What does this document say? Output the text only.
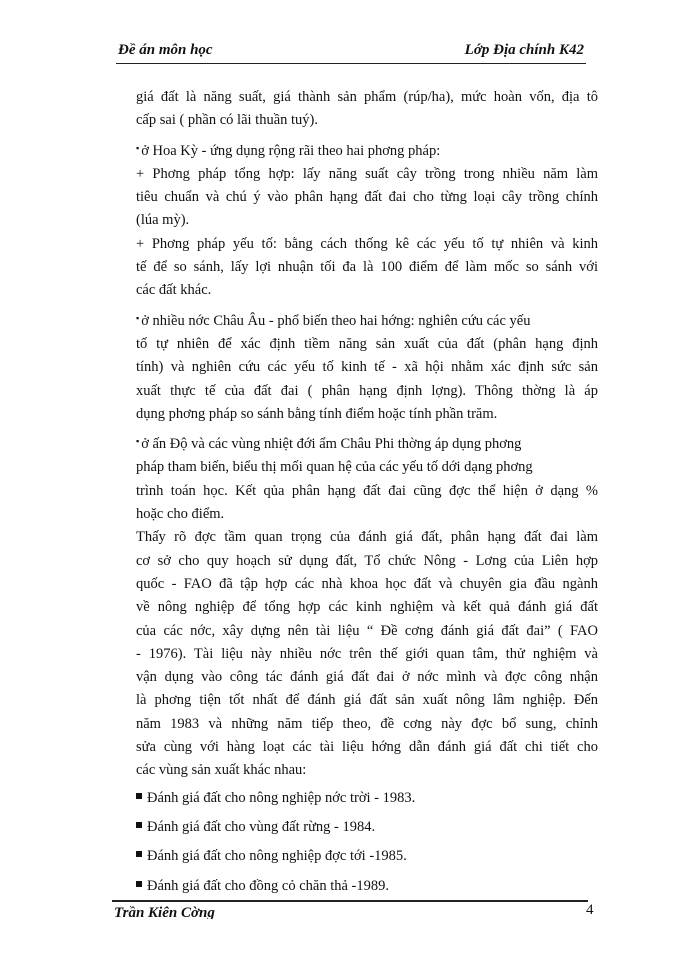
Đề án môn học	Lớp Địa chính K42

giá đất là năng suất, giá thành sản phẩm (rúp/ha), mức hoàn vốn, địa tô
cấp sai ( phần có lãi thuần tuý).

▪ ở Hoa Kỳ - ứng dụng rộng rãi theo hai phơng pháp:
+ Phơng pháp tổng hợp: lấy năng suất cây trồng trong nhiều năm làm
tiêu chuẩn và chú ý vào phân hạng đất đai cho từng loại cây trồng chính
(lúa mỳ).
+ Phơng pháp yếu tố: bằng cách thống kê các yếu tố tự nhiên và kinh
tế để so sánh, lấy lợi nhuận tối đa là 100 điểm để làm mốc so sánh với
các đất khác.

▪ ở nhiều nớc Châu Âu - phổ biến theo hai hớng: nghiên cứu các yếu
tố tự nhiên để xác định tiềm năng sản xuất của đất (phân hạng định
tính) và nghiên cứu các yếu tố kinh tế - xã hội nhằm xác định sức sản
xuất thực tế của đất đai ( phân hạng định lợng). Thông thờng là áp
dụng phơng pháp so sánh bằng tính điểm hoặc tính phần trăm.

▪ ở ấn Độ và các vùng nhiệt đới ẩm Châu Phi thờng áp dụng phơng
pháp tham biến, biểu thị mối quan hệ của các yếu tố dới dạng phơng
trình toán học. Kết qủa phân hạng đất đai cũng đợc thể hiện ở dạng %
hoặc cho điểm.

Thấy rõ đợc tầm quan trọng của đánh giá đất, phân hạng đất đai làm
cơ sở cho quy hoạch sử dụng đất, Tổ chức Nông - Lơng của Liên hợp
quốc - FAO đã tập hợp các nhà khoa học đất và chuyên gia đầu ngành
về nông nghiệp để tổng hợp các kinh nghiệm và kết quả đánh giá đất
của các nớc, xây dựng nên tài liệu “ Đề cơng đánh giá đất đai” ( FAO
- 1976). Tài liệu này nhiều nớc trên thế giới quan tâm, thử nghiệm và
vận dụng vào công tác đánh giá đất đai ở nớc mình và đợc công nhận
là phơng tiện tốt nhất để đánh giá đất sản xuất nông lâm nghiệp. Đến
năm 1983 và những năm tiếp theo, đề cơng này đợc bổ sung, chỉnh
sửa cùng với hàng loạt các tài liệu hớng dẫn đánh giá đất chi tiết cho
các vùng sản xuất khác nhau:

Đánh giá đất cho nông nghiệp nớc trời - 1983.
Đánh giá đất cho vùng đất rừng - 1984.
Đánh giá đất cho nông nghiệp đợc tới -1985.
Đánh giá đất cho đồng cỏ chăn thả -1989.
Trần Kiên Cờng	4
